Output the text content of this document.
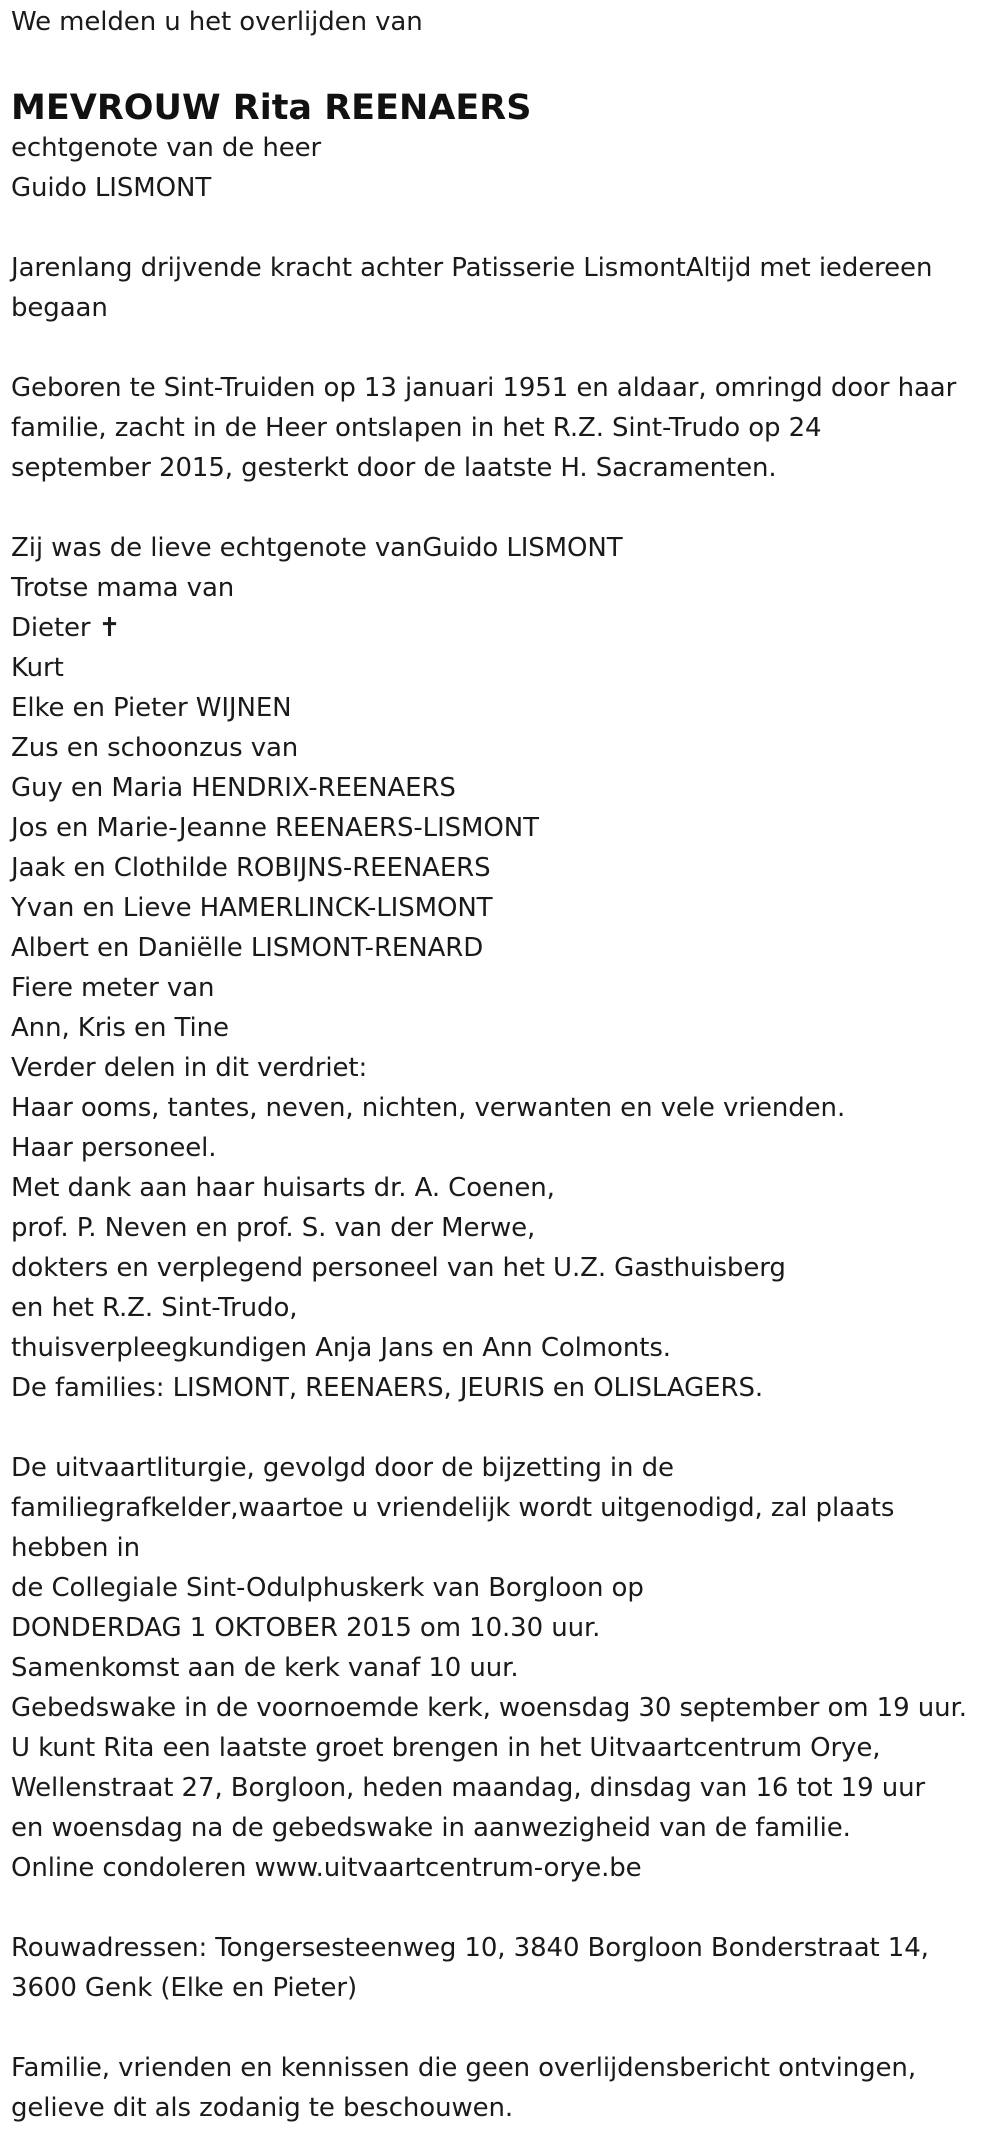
We melden u het overlijden van
MEVROUW Rita REENAERS
echtgenote van de heer
Guido LISMONT
Jarenlang drijvende kracht achter Patisserie LismontAltijd met iedereen
begaan
Geboren te Sint-Truiden op 13 januari 1951 en aldaar, omringd door haar
familie, zacht in de Heer ontslapen in het R.Z. Sint-Trudo op 24
september 2015, gesterkt door de laatste H. Sacramenten.
Zij was de lieve echtgenote vanGuido LISMONT
Trotse mama van
Dieter ✝
Kurt
Elke en Pieter WIJNEN
Zus en schoonzus van
Guy en Maria HENDRIX-REENAERS
Jos en Marie-Jeanne REENAERS-LISMONT
Jaak en Clothilde ROBIJNS-REENAERS
Yvan en Lieve HAMERLINCK-LISMONT
Albert en Daniëlle LISMONT-RENARD
Fiere meter van
Ann, Kris en Tine
Verder delen in dit verdriet:
Haar ooms, tantes, neven, nichten, verwanten en vele vrienden.
Haar personeel.
Met dank aan haar huisarts dr. A. Coenen,
prof. P. Neven en prof. S. van der Merwe,
dokters en verplegend personeel van het U.Z. Gasthuisberg
en het R.Z. Sint-Trudo,
thuisverpleegkundigen Anja Jans en Ann Colmonts.
De families: LISMONT, REENAERS, JEURIS en OLISLAGERS.
De uitvaartliturgie, gevolgd door de bijzetting in de
familiegrafkelder,waartoe u vriendelijk wordt uitgenodigd, zal plaats
hebben in
de Collegiale Sint-Odulphuskerk van Borgloon op
DONDERDAG 1 OKTOBER 2015 om 10.30 uur.
Samenkomst aan de kerk vanaf 10 uur.
Gebedswake in de voornoemde kerk, woensdag 30 september om 19 uur.
U kunt Rita een laatste groet brengen in het Uitvaartcentrum Orye,
Wellenstraat 27, Borgloon, heden maandag, dinsdag van 16 tot 19 uur
en woensdag na de gebedswake in aanwezigheid van de familie.
Online condoleren www.uitvaartcentrum-orye.be
Rouwadressen: Tongersesteenweg 10, 3840 Borgloon Bonderstraat 14,
3600 Genk (Elke en Pieter)
Familie, vrienden en kennissen die geen overlijdensbericht ontvingen,
gelieve dit als zodanig te beschouwen.
